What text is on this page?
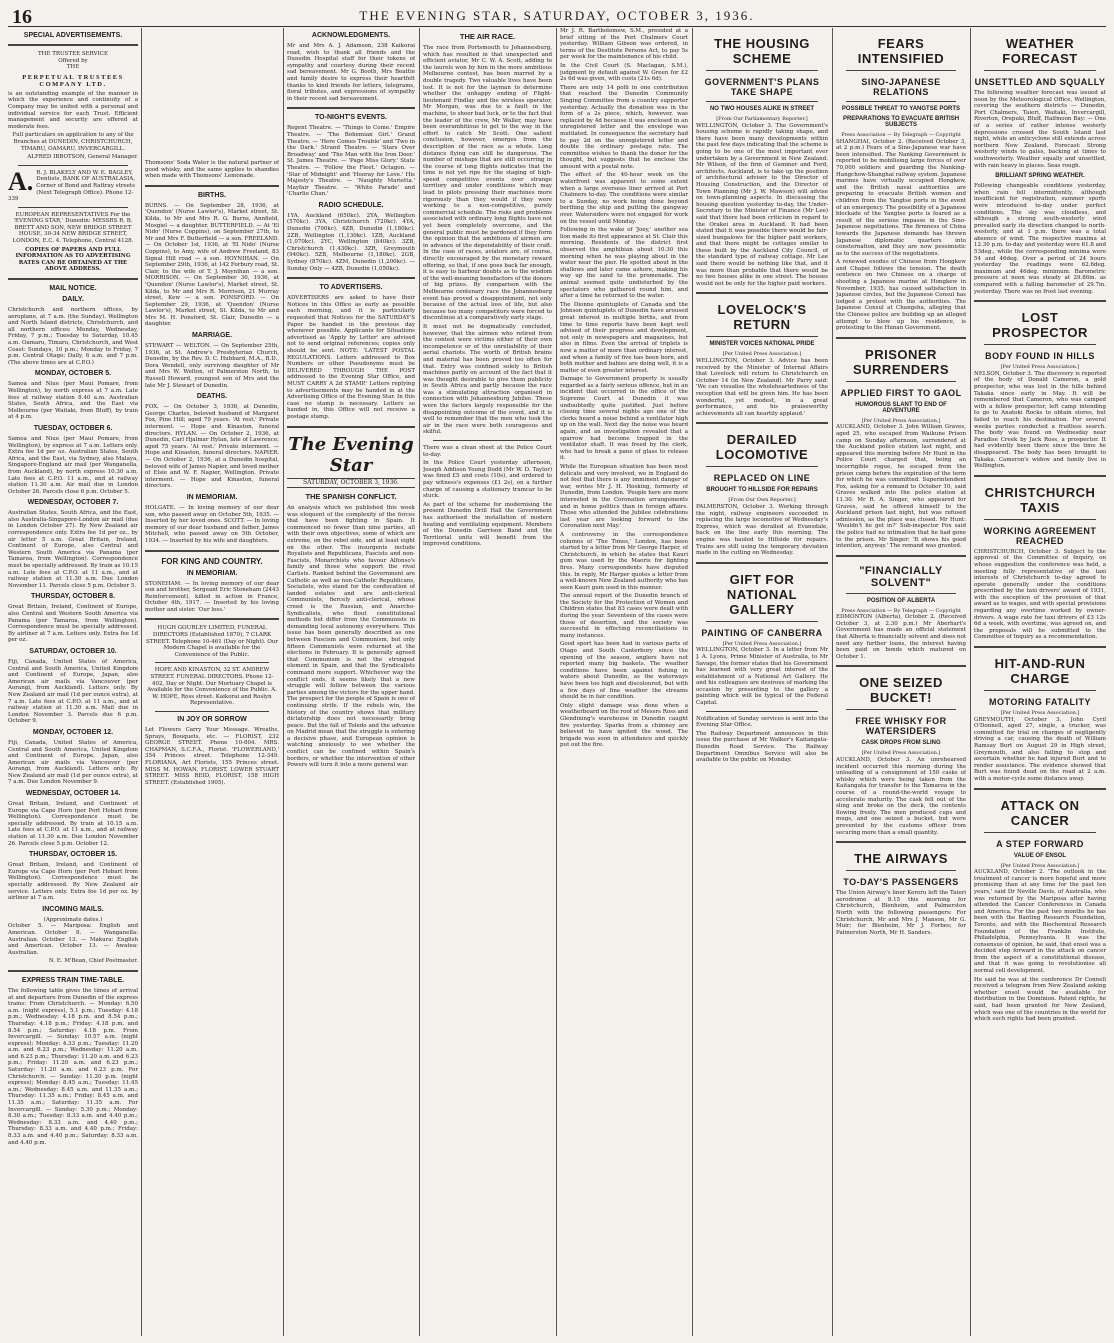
16	THE EVENING STAR, SATURDAY, OCTOBER 3, 1936.
SPECIAL ADVERTISEMENTS.
THE TRUSTEE SERVICE
Offered by
THE
PERPETUAL TRUSTEES COMPANY LTD.

is an outstanding example of the manner in which the experience and continuity of a Company may be united with a personal and individual service for each Trust. Efficient management and security are offered at moderate fees.

Full particulars on application to any of the Branches at DUNEDIN, CHRISTCHURCH, TIMARU, OAMARU, INVERCARGILL.

ALFRED IBBOTSON, General Manager.

A. R. J. BLAKELY AND W. E. BAGLEY, Dentists, BANK OF AUSTRALASIA, Corner of Bond and Rattray streets (Next Telegraph Office). Phone 12-339

EUROPEAN REPRESENTATIVES For the 'EVENING STAR,' Dunedin: MESSRS R. B. BRETT AND SON, NEW BRIDGE STREET HOUSE, 30-34 NEW BRIDGE STREET, LONDON, E.C. 4. Telephone, Central 4128.

COPIES OF PAPERS AND FULL INFORMATION AS TO ADVERTISING RATES CAN BE OBTAINED AT THE ABOVE ADDRESS.

MAIL NOTICE.
DAILY.

Christchurch and northern offices, by aeroplane, at 7 a.m. (the Sunday). Wellington and North Island districts, Christchurch, and all northern offices: Monday, Wednesday, Friday, 7 p.m.; Tuesday to Saturday, 10.45 a.m. Oamaru, Timaru, Christchurch, and West Coast: Sundays, 10 p.m.; Monday to Friday, 7 p.m. Central Otago: Daily, 6 a.m. and 7 p.m. (The above times are at C.P.O.)

MONDAY, OCTOBER 5.

Samoa and Niue (per Maui Pomare, from Wellington), by north express at 7 a.m. Late fees at railway station 8.40 a.m. Australian States, South Africa, and the East via Melbourne (per Waitaki, from Bluff), by train at 4 p.m.

TUESDAY, OCTOBER 6.

Samoa and Niue (per Maui Pomare, from Wellington), by express at 7 a.m. Letters only. Extra fee 1d per oz. Australian States, South Africa, and the East, via Sydney, also Malaya, Singapore-England air mail (per Wanganella, from Auckland), by north express 10.30 a.m. Late fees at C.P.O. 11 a.m., and at railway station 11.30 a.m. Air mail due in London October 26. Parcels close 6 p.m. October 5.

WEDNESDAY, OCTOBER 7.

Australian States, South Africa, and the East, also Australia-Singapore-London air mail (due in London October 27). By New Zealand air correspondence only. Extra fee 1d per oz., by air letter 5 a.m. Great Britain, Ireland, Continent of Europe, also Central and Western South America via Panama (per Tamaroa, from Wellington). Correspondence must be specially addressed. By train as 10.15 a.m. Late fees at C.P.O. at 11 a.m., and at railway station at 11.30 a.m. Due London November 11. Parcels close 5 p.m. October 5.

THURSDAY, OCTOBER 8.

Great Britain, Ireland, Continent of Europe, also Central and Western South America via Panama (per Tamaroa, from Wellington). Correspondence must be specially addressed. By airliner at 7 a.m. Letters only. Extra fee 1d per oz.

SATURDAY, OCTOBER 10.

Fiji, Canada, United States of America, Central and South America, United Kingdom and Continent of Europe, Japan, also American air mails via Vancouver (per Aorangi, from Auckland). Letters only. By New Zealand air mail (1d per ounce extra), at 7 a.m. Late fees at C.P.O. at 11 a.m., and at railway station at 11.30 a.m. Mail due in London November 3. Parcels due 6 p.m. October 9.

MONDAY, OCTOBER 12.

Fiji, Canada, United States of America, Central and South America, United Kingdom and Continent of Europe, Japan, also American air mails via Vancouver (per Aorangi, from Auckland). Letters only. By New Zealand air mail (1d per ounce extra), at 7 a.m. Due London November 9.

WEDNESDAY, OCTOBER 14.

Great Britain, Ireland, and Continent of Europe via Cape Horn (per Port Hobart from Wellington). Correspondence must be specially addressed. By train at 10.15 a.m. Late fees at C.P.O. at 11 a.m., and at railway station at 11.30 a.m. Due London November 26. Parcels close 5 p.m. October 12.

THURSDAY, OCTOBER 15.

Great Britain, Ireland, and Continent of Europe via Cape Horn (per Port Hobart from Wellington). Correspondence must be specially addressed. By New Zealand air service. Letters only. Extra fee 1d per oz. by airliner at 7 a.m.

INCOMING MAILS.
(Approximate dates.)

October 5. — Mariposa: English and American. October 8. — Wanganella: Australian. October 13. — Makura: English and American. October 13. — Awatea: Australian.

N. E. M'Bean, Chief Postmaster.

EXPRESS TRAIN TIME-TABLE.

The following table gives the times of arrival at and departure from Dunedin of the express trains: From Christchurch. — Monday: 6.50 a.m. (night express), 5.1 p.m.; Tuesday: 4.18 p.m.; Wednesday: 4.18 p.m. and 8.54 p.m.; Thursday: 4.18 p.m.; Friday: 4.18 p.m. and 8.54 p.m.; Saturday: 4.18 p.m. From Invercargill. — Sunday: 10.57 a.m. (night express); Monday: 4.33 p.m.; Tuesday: 11.20 a.m. and 6.23 p.m.; Wednesday: 11.20 a.m. and 6.23 p.m.; Thursday: 11.20 a.m. and 6.23 p.m.; Friday: 11.20 a.m. and 6.23 p.m.; Saturday: 11.20 a.m. and 6.23 p.m. For Christchurch. — Sunday: 11.20 p.m. (night express); Monday: 8.45 a.m.; Tuesday: 11.45 a.m.; Wednesday: 8.45 a.m. and 11.35 a.m.; Thursday: 11.35 a.m.; Friday: 8.45 a.m. and 11.35 a.m.; Saturday: 11.35 a.m. For Invercargill. — Sunday: 5.30 p.m.; Monday: 8.30 a.m.; Tuesday: 8.33 a.m. and 4.40 p.m.; Wednesday: 8.33 a.m. and 4.40 p.m.; Thursday: 8.33 a.m. and 4.40 p.m.; Friday: 8.33 a.m. and 4.40 p.m.; Saturday: 8.33 a.m. and 4.40 p.m.

Thomsons' Soda Water is the natural partner of good whisky, and the same applies to shandies when made with Thomsons' Lemonade.

BIRTHS.

BURNS. — On September 28, 1936, at 'Quendon' (Nurse Lawlor's), Market street, St. Kilda, to Mr and Mrs R. G. Burns, Annfield, Mosgiel — a daughter. BUTTERFIELD. — At 'El Nido' (Nurse Coppins), on September 27th, to Mr and Mrs F. Butterfield — a son. FREELAND. — On October 1st, 1936, at 'El Nido' (Nurse Coppins), to Amy, wife of Andrew Freeland, 83 Signal Hill road — a son. HOYNIHAN. — On September 29th, 1936, at 142 Forbury road, St. Clair, to the wife of T. J. Moynihan — a son. MORRISON. — On September 30, 1936, at 'Quendon' (Nurse Lawlor's), Market street, St. Kilda, to Mr and Mrs R. Morrison, 21 Murray street, Kew — a son. PONSFORD. — On September 29, 1936, at 'Quendon' (Nurse Lawlor's), Market street, St. Kilda, to Mr and Mrs M. H. Ponsford, St. Clair, Dunedin — a daughter.

MARRIAGE.

STEWART — WELTON. — On September 25th, 1936, at St. Andrew's Presbyterian Church, Dunedin, by the Rev. D. C. Hubbard, M.A., B.D., Dora Wendell, only surviving daughter of Mr and Mrs W. Welton, of Palmerston North, to Russell Howard, youngest son of Mrs and the late Mr J. Stewart of Dunedin.

DEATHS.

FOX. — On October 3, 1936, at Dunedin, George Charles, beloved husband of Margaret Fox, Pine Hill; aged 79 years. 'At rest.' Private interment. — Hope and Kinaston, funeral directors. HYLAN. — On October 2, 1936, at Dunedin, Carl Hjalmar Hylan, late of Lawrence; aged 75 years. 'At rest.' Private interment. — Hope and Kinaston, funeral directors. NAPIER. — On October 2, 1936, at a Dunedin hospital, beloved wife of James Napier, and loved mother of Elsie and W. F. Napier, Wellington. Private interment. — Hope and Kinaston, funeral directors.

IN MEMORIAM.

HOLGATE. — In loving memory of our dear son, who passed away on October 5th, 1935. — Inserted by her loved ones. SCOTT. — In loving memory of our dear husband and father, James Mitchell, who passed away on 5th October, 1934. — Inserted by his wife and daughters.

FOR KING AND COUNTRY.
IN MEMORIAM.

STONEHAM. — In loving memory of our dear son and brother, Sergeant Eric Stoneham (2443 Reinforcement), killed in action in France, October 4th, 1917. — Inserted by his loving mother and sister. 'Our loss.'

HUGH GOURLEY LIMITED, FUNERAL DIRECTORS (Established 1870), 7 CLARK STREET. Telephone 10-461 (Day or Night). Our Modern Chapel is available for the Convenience of the Public.

HOPE AND KINASTON, 32 ST. ANDREW STREET. FUNERAL DIRECTORS. Phone 12-402, Day or Night. Our Mortuary Chapel is Available for the Convenience of the Public. A. W. HOPE, Ross street. Kaikorai and Roslyn Representative.

IN JOY OR SORROW

Let Flowers Carry Your Message. Wreaths, Sprays, Bouquets, etc. — FLORIST, 232 GEORGE STREET. Phone 10-804. MRS. CHAPMAN, S.C.F.A., Florist. 'FLOWERLAND,' 354 Princes street. Telephone 12-349. FLORIANA, Art Florists, 155 Princes street. MISS M. HOWAN, FLORIST, LOWER STUART STREET. MISS REID, FLORIST, 158 HIGH STREET. (Established 1905).

ACKNOWLEDGMENTS.

Mr and Mrs A. J. Adamson, 238 Kaikorai road, wish to thank all friends and the Dunedin Hospital staff for their tokens of sympathy and courtesy during their recent sad bereavement. Mr G. Booth, Mrs Beattie and family desire to express their heartfelt thanks to kind friends for letters, telegrams, floral tributes, and expressions of sympathy in their recent sad bereavement.

TO-NIGHT'S EVENTS.

Regent Theatre. — 'Things to Come.' Empire Theatre. — 'The Bohemian Girl.' Grand Theatre. — 'Here Comes Trouble' and 'Two in the Dark.' Strand Theatre. — 'Stars Over Broadway' and 'The Man with the Iron Door.' St. James Theatre. — 'Page Miss Glory.' State Theatre. — 'Follow the Fleet.' Octagon. — 'Star of Midnight' and 'Hooray for Love.' His Majesty's Theatre. — 'Naughty Marietta.' Mayfair Theatre. — 'White Parade' and 'Charlie Chan.'

RADIO SCHEDULE.

1YA, Auckland (650kc). 2YA, Wellington (570kc). 3YA, Christchurch (720kc). 4YA, Dunedin (790kc). 4ZB, Dunedin (1,180kc). 2ZB, Wellington (1,130kc). 1ZB, Auckland (1,070kc). 2YC, Wellington (840kc). 3ZB, Christchurch (1,430kc). 3ZR, Greymouth (940kc). 5ZB, Melbourne (1,180kc). 2GB, Sydney (870kc). 4ZM, Dunedin (1,200kc). — Sunday Only — 4ZB, Dunedin (1,050kc).

TO ADVERTISERS.

ADVERTISERS are asked to have their Notices in this Office as early as possible each morning, and it is particularly requested that Notices for the SATURDAY'S Paper be handed in the previous day whenever possible. Applicants for Situations advertised as 'Apply by Letter' are advised not to send original references; copies only should be sent. NOTE: 'LATEST POSTAL REGULATIONS. Letters addressed to Box Numbers or other Pseudonyms must be DELIVERED THROUGH THE POST addressed to the Evening Star Office, and MUST CARRY A 2d STAMP.' Letters replying to advertisements may be handed in at the Advertising Office of the Evening Star. In this case no stamp is necessary. Letters so handed in, this Office will not receive a postage stamp.

The Evening Star
SATURDAY, OCTOBER 3, 1936.
THE SPANISH CONFLICT.

An analysis which we published this week was eloquent of the complexity of the forces that have been fighting in Spain. It commenced no fewer than nine parties, all with their own objectives, some of which are extreme, on the rebel side, and at least eight on the other. The insurgents include Royalists and Republicans, Fascists and non-Fascists, Monarchists who favour Alfonso's family and those who support the rival Carlists. Ranked behind the Government are Catholic as well as non-Catholic Republicans, Socialists, who stand for the confiscation of landed estates and are anti-clerical Communists, fiercely anti-clerical, whose creed is the Russian, and Anarcho-Syndicalists, who flout constitutional methods but differ from the Communists in demanding local autonomy everywhere. This issue has been generally described as one between Fascism and Communism, but only fifteen Communists were returned at the elections in February. It is generally agreed that Communism is not the strongest element in Spain, and that the Syndicalists command more support. Whichever way the conflict ends, it seems likely that a new struggle will follow between the various parties among the victors for the upper hand. The prospect for the people of Spain is one of continuing strife. If the rebels win, the history of the country shows that military dictatorship does not necessarily bring peace. But the fall of Toledo and the advance on Madrid mean that the struggle is entering a decisive phase, and European opinion is watching anxiously to see whether the conflict can be confined within Spain's borders, or whether the intervention of other Powers will turn it into a more general war.

THE AIR RACE.

The race from Portsmouth to Johannesburg, which has resulted in that unexpected and efficient aviator, Mr C. W. A. Scott, adding to the laurels won by him in the more ambitious Melbourne contest, has been marred by a double tragedy. Two valuable lives have been lost. It is not for the layman to determine whether the unhappy ending of Flight-lieutenant Findlay and the wireless operator, Mr Morgan, was due to a fault in the machine, to sheer bad luck, or to the fact that the leader of the crew, Mr Waller, may have been overambitious to get to the way in the effort to catch Mr Scott. One salient conclusion, however, emerges from the description of the race as a whole. Long distance flying can still be dangerous. The number of mishaps that are still occurring in the course of long flights indicates that the time is not yet ripe for the staging of high-speed competitive events over strange territory and under conditions which may lead to pilots pressing their machines more rigorously than they would if they were working to a non-competitive, purely commercial schedule. The risks and problems associated with ordinary long flights have not yet been completely overcome, and the general public must be pardoned if they form the opinion that the ambitions of airmen are in advance of the dependability of their craft. In the case of races, aviators are, of course, directly encouraged by the monetary reward offering, so that, if one goes back far enough, it is easy to harbour doubts as to the wisdom of the well-meaning benefactors of the donors of big prizes. By comparison with the Melbourne centenary race the Johannesburg event has proved a disappointment, not only because of the actual loss of life, but also because too many competitors were forced to discontinue at a comparatively early stage.

It must not be dogmatically concluded, however, that the airmen who retired from the contest were victims either of their own incompetence or of the unreliability of their aerial chariots. The worth of British brains and material has been proved too often for that. Entry was confined solely to British machines partly on account of the fact that it was thought desirable to give them publicity in South Africa and partly because the race was a stimulating attraction organised in connection with Johannesburg Jubilee. These were the factors largely responsible for the disappointing outcome of the event, and it is well to remember that the men who took the air in the race were both courageous and skilful.

There was a clean sheet at the Police Court to-day.

In the Police Court yesterday afternoon, Joseph Addison Young Dodd (Mr W. D. Taylor) was fined £5 and costs (10s), and ordered to pay witness's expenses (£1 2s), on a further charge of causing a stationary tramcar to be stuck.

As part of the scheme for modernising the present Dunedin Drill Hall the Government has authorised the installation of modern heating and ventilating equipment. Members of the Dunedin Garrison Band and the Territorial units will benefit from the improved conditions.

Mr J. R. Bartholomew, S.M., presided at a brief sitting of the Port Chalmers Court yesterday. William Gibson was ordered, in terms of the Destitute Persons Act, to pay 5s per week for the maintenance of his child.

In the Civil Court (S. Maclagan, S.M.), judgment by default against W. Green for £2 2s 6d was given, with costs (21s 6d).

There are only 14 polli in one contribution that reached the Dunedin Community Singing Committee from a country supporter yesterday. Actually the donation was in the form of a 2s piece, which, however, was replaced by 4d because it was enclosed in an unregistered letter and the envelope was mutilated. In consequence the secretary had to pay 2d on the unregistered letter and double the ordinary postage rate. The committee wishes to thank the donor for the thought, but suggests that he enclose the amount with a postal note.

The effect of the 40-hour week on the waterfront was apparent to some extent when a large overseas liner arrived at Port Chalmers to-day. The conditions were similar to a Sunday, no work being done beyond berthing the ship and putting the gangway over. Watersiders were not engaged for work on the vessel until Monday.

Following in the wake of 'Joey,' another sea lion made its first appearance at St. Clair this morning. Residents of the district first observed the amphibian about 10.30 this morning when he was playing about in the water near the pier. He spotted about in the shallows and later came ashore, making his way up the sand to the promenade. The animal seemed quite undisturbed by the spectators who gathered round him, and after a time he returned to the water.

The Dionne quintuplets of Canada and the Johnson quintuplets of Dunedin have aroused great interest in multiple births, and from time to time reports have been kept well advised of their progress and development, not only in newspapers and magazines, but also in films. Even the arrival of triplets is now a matter of more than ordinary interest, and when a family of five has been born, and both mother and babies are doing well, it is a matter of even greater interest.

Damage to Government property is usually regarded as a fairly serious offence, but in an incident that occurred in the office of the Supreme Court at Dunedin it was undoubtedly quite justified. Just before closing time several nights ago one of the clerks heard a noise behind a ventilator high up on the wall. Next day the noise was heard again, and an investigation revealed that a sparrow had become trapped in the ventilator shaft. It was freed by the clerk, who had to break a pane of glass to release it.

While the European situation has been most delicate and very involved, we in England do not feel that there is any imminent danger of war, writes Mr J. H. Hosking, formerly of Dunedin, from London. 'People here are more interested in the Coronation arrangements and in home politics than in foreign affairs. Those who attended the Jubilee celebrations last year are looking forward to the Coronation next May.'

A controversy in the correspondence columns of 'The Times,' London, has been started by a letter from Mr George Harper, of Christchurch, in which he states that Kauri gum was used by the Maoris for lighting fires. Many correspondents have disputed this. In reply, Mr Harper quotes a letter from a well-known New Zealand authority who has seen Kauri gum used in this manner.

The annual report of the Dunedin branch of the Society for the Protection of Women and Children states that 83 cases were dealt with during the year. Seventeen of the cases were those of desertion, and the society was successful in effecting reconciliations in many instances.

Good sport has been had in various parts of Otago and South Canterbury since the opening of the season, anglers have not reported many big baskets. The weather conditions have been against fishing in waters about Dunedin, as the waterways have been too high and discoloured, but with a few days of fine weather the streams should be in fair condition.

Only slight damage was done when a weatherboard on the roof of Messrs Ross and Glendining's warehouse in Dunedin caught fire yesterday. Sparks from a chimney are believed to have ignited the wood. The brigade was soon in attendance and quickly put out the fire.

THE HOUSING SCHEME
GOVERNMENT'S PLANS TAKE SHAPE
NO TWO HOUSES ALIKE IN STREET
[From Our Parliamentary Reporter.]

WELLINGTON, October 3. The Government's housing scheme is rapidly taking shape, and there have been many developments within the past few days indicating that the scheme is going to be one of the most important ever undertaken by a Government in New Zealand. Mr Wilson, of the firm of Gummer and Ford, architects, Auckland, is to take up the position of architectural adviser to the Director of Housing Construction, and the Director of Town Planning (Mr J. W. Mawson) will advise on town-planning aspects. In discussing the housing question yesterday to-day, the Under-Secretary to the Minister of Finance (Mr Lee) said that there had been criticism in regard to the Orakei area in Auckland. It had been stated that it was possible there would be fair-sized bungalows for the higher paid workers, and that there might be cottages similar to these built by the Auckland City Council, of the standard type of railway cottage. Mr Lee said there would be nothing like that, and it was more than probable that there would be no two houses alike in one street. The houses would not be only for the higher paid workers.

LOVELOCK'S RETURN
MINISTER VOICES NATIONAL PRIDE
[Per United Press Association.]

WELLINGTON, October 3. Advice has been received by the Minister of Internal Affairs that Lovelock will return to Christchurch on October 14 (in New Zealand). Mr Parry said: 'We can visualise the wholeheartedness of the reception that will be given him. He has been wonderful, yet modest, in a great performance, and his praiseworthy achievements all can heartily applaud.'

DERAILED LOCOMOTIVE
REPLACED ON LINE
BROUGHT TO HILLSIDE FOR REPAIRS
[From Our Own Reporter.]

PALMERSTON, October 3. Working through the night, railway engineers succeeded in replacing the large locomotive of Wednesday's Express, which was derailed at Evansdale, back on the line early this morning. The engine was hauled to Hillside for repairs. Trains are still using the temporary deviation made in the cutting on Wednesday.

GIFT FOR NATIONAL GALLERY
PAINTING OF CANBERRA
[Per United Press Association.]

WELLINGTON, October 3. In a letter from Mr J. A. Lyons, Prime Minister of Australia, to Mr Savage, the former states that his Government has learned with very great interest of the establishment of a National Art Gallery. He and his colleagues are desirous of marking the occasion by presenting to the gallery a painting which will be typical of the Federal Capital.

Notification of Sunday services is sent into the Evening Star Office.

The Railway Department announces in this issue the purchase of Mr Walker's Kaitangata-Dunedin Road Service. The Railway Department Omnibus Service will also be available to the public on Monday.

FEARS INTENSIFIED
SINO-JAPANESE RELATIONS
POSSIBLE THREAT TO YANGTSE PORTS
PREPARATIONS TO EVACUATE BRITISH SUBJECTS
Press Association — By Telegraph — Copyright

SHANGHAI, October 2. (Received October 3, at 2 p.m.) Fears of a Sino-Japanese war have been intensified. The Nanking Government is reported to be mobilising large forces of over 70,000 soldiers and guarding the Nanking-Hangchow-Shanghai railway system. Japanese marines have virtually occupied Hongkew, and the British naval authorities are preparing to evacuate British women and children from the Yangtse ports in the event of an emergency. The possibility of a Japanese blockade of the Yangtse ports is feared as a result of the serious impasse in the Sino-Japanese negotiations. The firmness of China towards the Japanese demands has thrown Japanese diplomatic quarters into consternation, and they are now pessimistic as to the success of the negotiations.

A renewed exodus of Chinese from Hongkew and Chapei follows the tension. The death sentence on two Chinese on a charge of shooting a Japanese marine at Hongkew in November, 1935, has caused satisfaction in Japanese circles, but the Japanese Consul has lodged a protest with the authorities. The Japanese Consul at Changsha, alleging that the Chinese police are building up an alleged attempt to blow up his residence, is protesting to the Hunan Government.

PRISONER SURRENDERS
APPLIED FIRST TO GAOL
HUMOROUS SLANT TO END OF ADVENTURE
[Per United Press Association.]

AUCKLAND, October 3. John William Graves, aged 25, who escaped from Waikune Prison camp on Sunday afternoon, surrendered at the Auckland police station last night, and appeared this morning before Mr Hunt in the Police Court charged that, being an incorrigible rogue, he escaped from the prison camp before the expiration of the term for which he was committed. Superintendent Fox, asking for a remand to October 10, said Graves walked into the police station at 11.30. Mr R. A. Singer, who appeared for Graves, said he offered himself to the Auckland prison last night, but was refused admission, as the place was closed. Mr Hunt: 'Wouldn't he get in?' Sub-inspector Fox said the police had no intimation that he had gone to the prison. Mr Singer: 'It shows his good intention, anyway.' The remand was granted.

"FINANCIALLY SOLVENT"
POSITION OF ALBERTA
Press Association — By Telegraph — Copyright

EDMONTON (Alberta), October 2. (Received October 3, at 2.30 p.m.) Mr Aberhart's Government has made an official statement that Alberta is financially solvent and does not need any further loans, the interest having been paid on bonds which matured on October 1.

ONE SEIZED BUCKET!
FREE WHISKY FOR WATERSIDERS
CASK DROPS FROM SLING
[Per United Press Association.]

AUCKLAND, October 3. An unrehearsed incident occurred this morning during the unloading of a consignment of 150 casks of whisky which were being taken from the Kaitangata for transfer to the Tamaroa in the course of a round-the-world voyage to accelerate maturity. The cask fell out of the sling and broke on the deck, the contents flowing freely. The men produced cups and mugs, and one seized a bucket, but were prevented by the customs officer from securing more than a small quantity.

THE AIRWAYS
TO-DAY'S PASSENGERS

The Union Airway's liner Kereru left the Taieri aerodrome at 8.15 this morning for Christchurch, Blenheim, and Palmerston North with the following passengers: For Christchurch, Mr and Mrs J. Manson, Mr G. Muir; for Blenheim, Mr J. Forbes; for Palmerston North, Mr H. Sanders.

WEATHER FORECAST
UNSETTLED AND SQUALLY

The following weather forecast was issued at noon by the Meteorological Office, Wellington, covering the southern districts — Dunedin, Port Chalmers, Taieri, Waitaki, Invercargill, Riverton, Orepuki, Bluff, Halfmoon Bay: — One of a series of rather intense westerly depressions crossed the South Island last night, while an anticyclone still extends across northern New Zealand. Forecast: Strong westerly winds to gales, backing at times to southwesterly. Weather squally and unsettled, with rain heavy in places. Seas rough.

BRILLIANT SPRING WEATHER.

Following changeable conditions yesterday, when rain fell intermittently, although insufficient for registration, summer sports were introduced to-day under perfect conditions. The sky was cloudless, and although a strong south-westerly wind prevailed early its direction changed to north-westerly, and at 1 p.m. there was a total absence of wind. The respective maxima at 12.30 p.m. to-day and yesterday were 61.8 and 53deg., while the corresponding minima were 54 and 46deg. Over a period of 24 hours yesterday the readings were 62.6deg. maximum and 46deg. minimum. Barometric pressure at noon was steady at 29.86in. as compared with a falling barometer of 29.7in. yesterday. There was no frost last evening.

LOST PROSPECTOR
BODY FOUND IN HILLS
[Per United Press Association.]

NELSON, October 3. The discovery is reported of the body of Donald Cameron, a gold prospector, who was lost in the hills behind Takaka since early in May. It will be remembered that Cameron, who was camped with a fellow prospector, left camp intending to go to Anatoki Rocks to obtain stores, but failed to reach his destination. For several weeks parties conducted a fruitless search. The body was found on Wednesday near Paradise Creek by Jack Ross, a prospector. It had evidently been there since the time he disappeared. The body has been brought to Takaka. Cameron's widow and family live in Wellington.

CHRISTCHURCH TAXIS
WORKING AGREEMENT REACHED

CHRISTCHURCH, October 3. Subject to the approval of the Committee of Inquiry, on whose suggestion the conference was held, a meeting fully representative of the taxi interests of Christchurch to-day agreed to operate generally under the conditions prescribed by the taxi drivers' award of 1931, with the exception of the provision of that award as to wages, and with special provisions regarding any overtime worked by owner-drivers. A wage rate for taxi drivers of £3 12s 6d a week, with overtime, was agreed on, and the proposals will be submitted to the Committee of Inquiry as a recommendation.

HIT-AND-RUN CHARGE
MOTORING FATALITY
[Per United Press Association.]

GREYMOUTH, October 3. John Cyril O'Donnell, aged 27, single, a trucker, was committed for trial on charges of negligently driving a car, causing the death of William Ramsay Burt on August 29 in High street, Greymouth, and also failing to stop and ascertain whether he had injured Burt and to render assistance. The evidence showed that Burt was found dead on the road at 2 a.m. with a motor-cycle some distance away.

ATTACK ON CANCER
A STEP FORWARD
VALUE OF ENSOL
[Per United Press Association.]

AUCKLAND, October 2. 'The outlook in the treatment of cancer is more hopeful and more promising than at any time for the past ten years,' said Dr Neville Davis, of Australia, who was returned by the Mariposa after having attended the Cancer Conferences in Canada and America. For the past two months he has been with the Banting Research Foundation, Toronto, and with the Biochemical Research Foundation of the Franklin Institute, Philadelphia, Pennsylvania. It was the consensus of opinion, he said, that ensol was a decided step forward in the attack on cancer from the aspect of a constitutional disease, and that it was going to revolutionise all normal cell development.

He said he was at the conference Dr Connell received a telegram from New Zealand asking whether ensol would be available for distribution in the Dominion. Patent rights, he said, had been granted for New Zealand, which was one of the countries in the world for which such rights had been granted.
